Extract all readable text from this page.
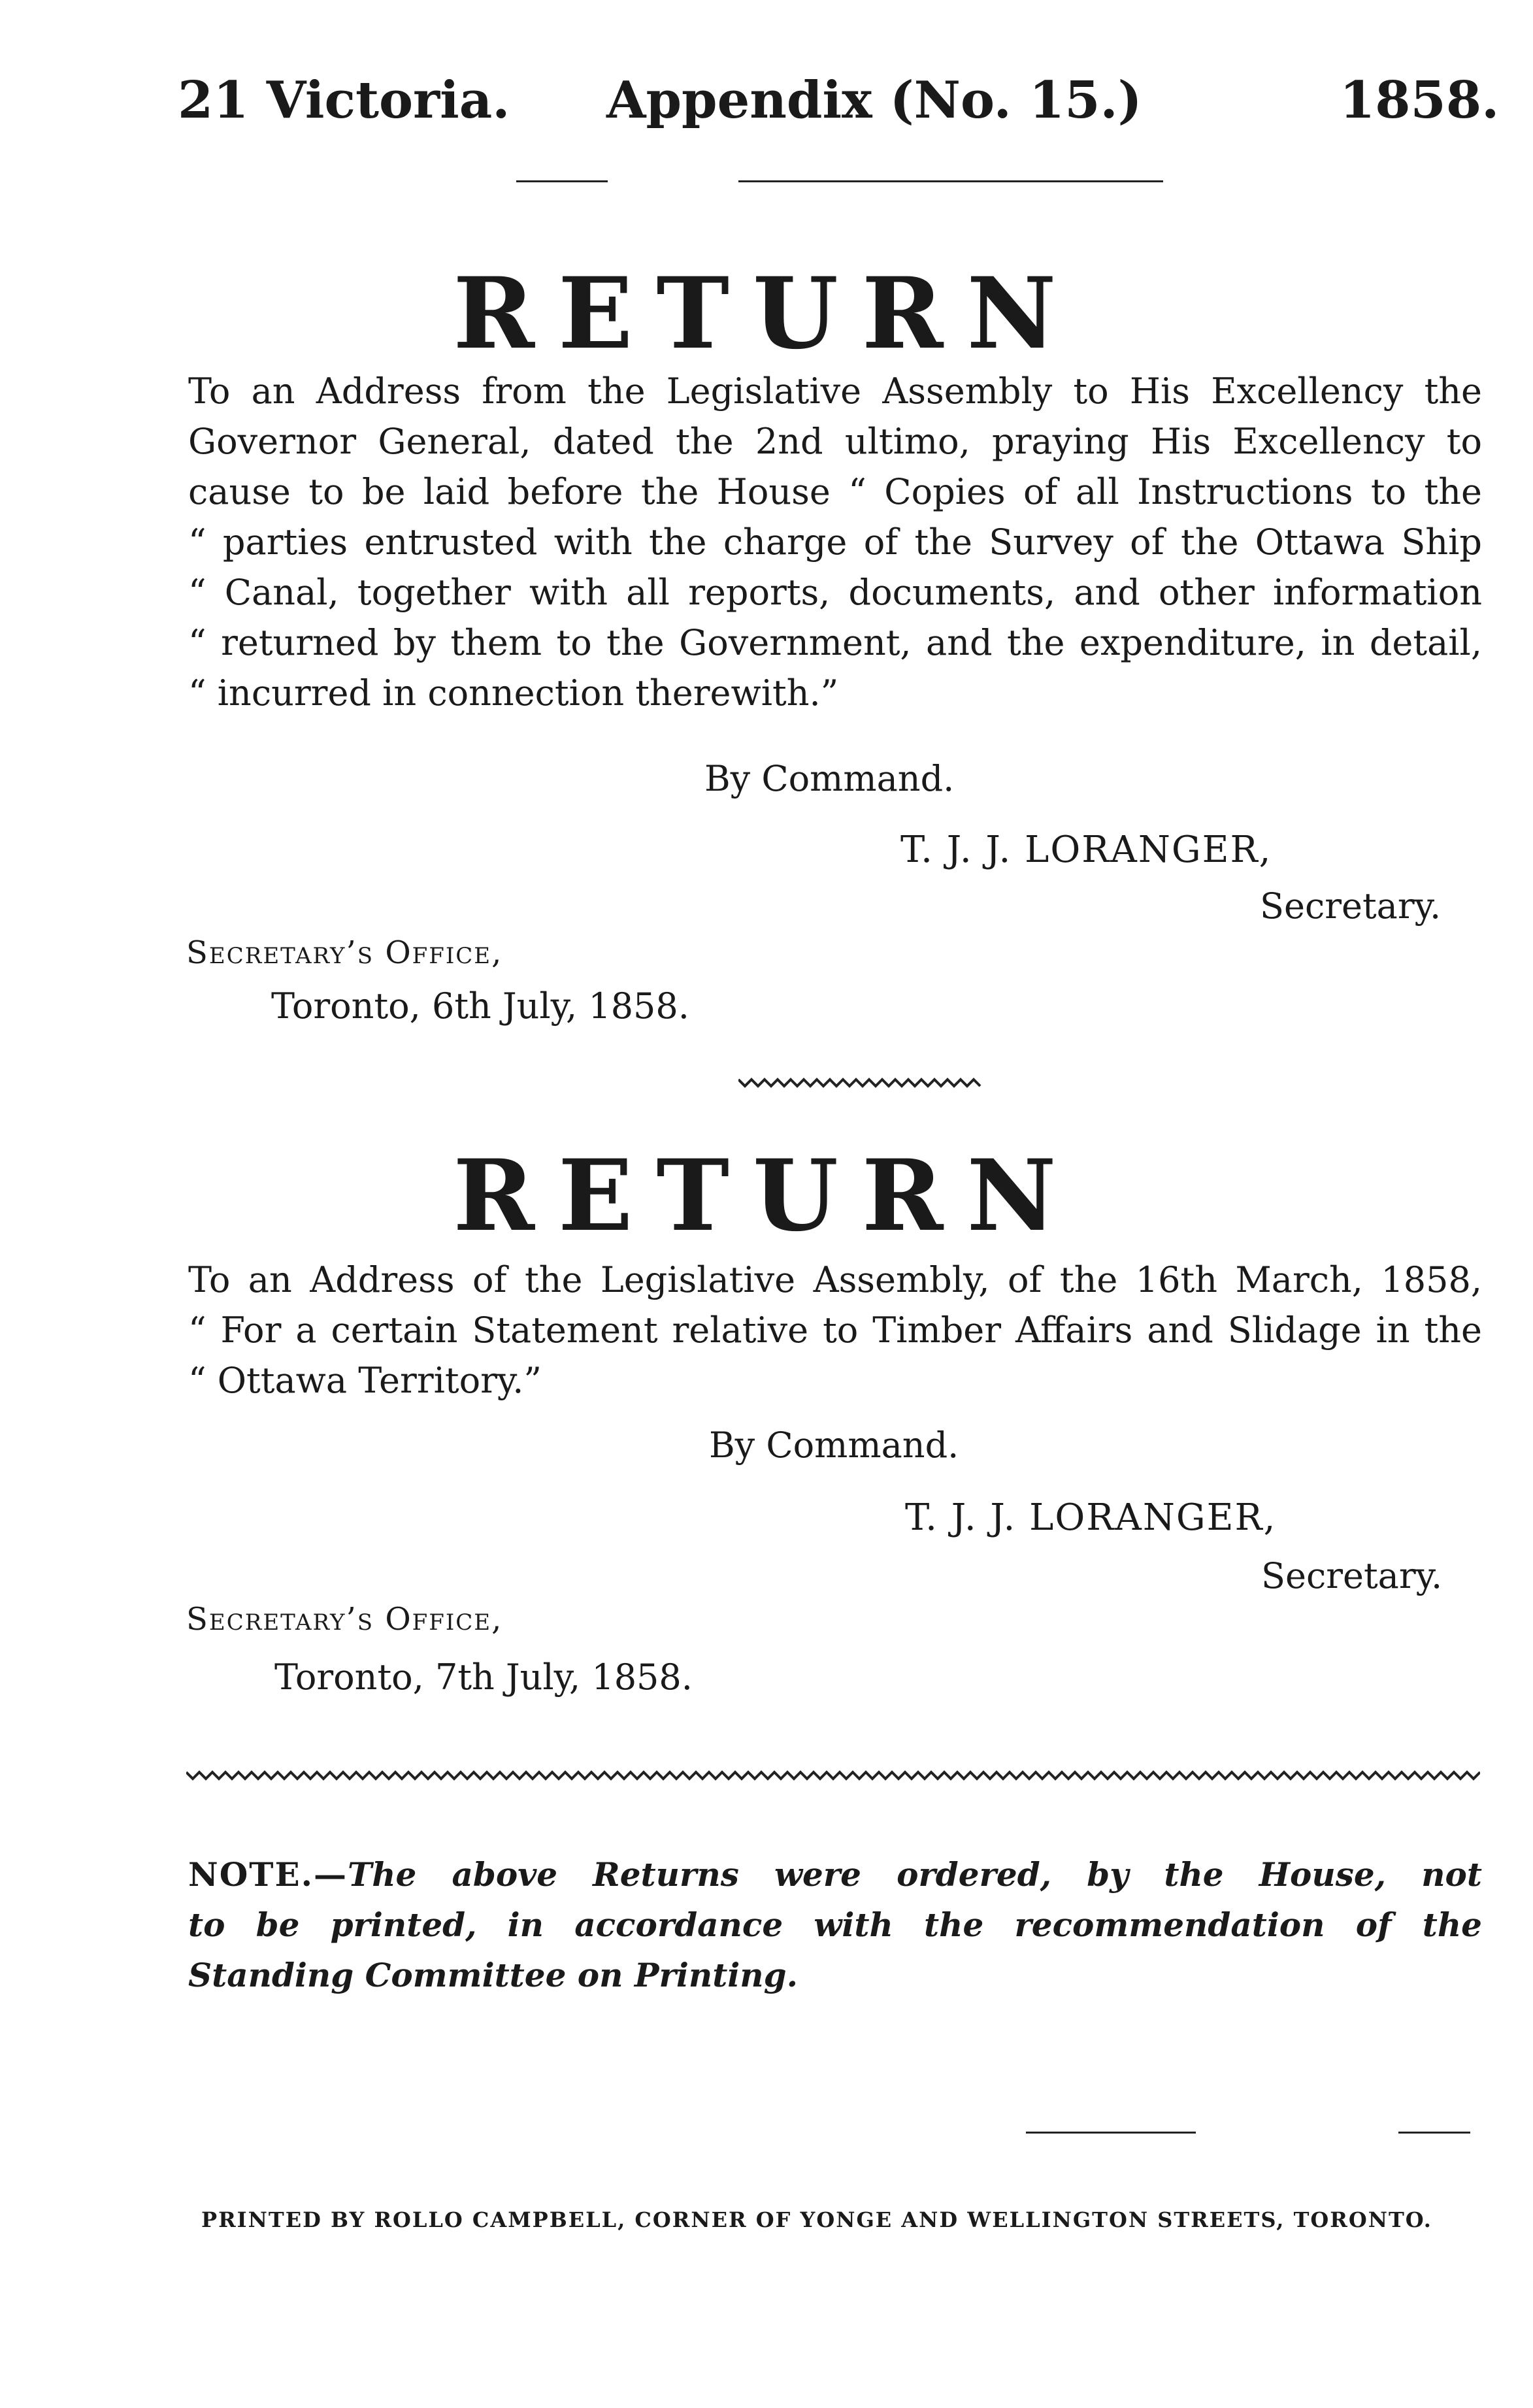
21 Victoria. Appendix (No. 15.)	1858.
RETURN
To an Address from the Legislative Assembly to His Excellency the
Governor General, dated the 2nd ultimo, praying His Excellency to
cause to be laid before the House “ Copies of all Instructions to the
“ parties entrusted with the charge of the Survey of the Ottawa Ship
“ Canal, together with all reports, documents, and other information
“ returned by them to the Government, and the expenditure, in detail,
“ incurred in connection therewith.”
By Command.
T. J. J. LORANGER,
Secretary.
Secretary’s Office,
Toronto, 6th July, 1858.
RETURN
To an Address of the Legislative Assembly, of the 16th March, 1858,
“ For a certain Statement relative to Timber Affairs and Slidage in the
“ Ottawa Territory.”
By Command.
T. J. J. LORANGER,
Secretary.
Secretary’s Office,
Toronto, 7th July, 1858.
NOTE.—The above Returns were ordered, by the House, not
to be printed, in accordance with the recommendation of the
Standing Committee on Printing.
PRINTED BY ROLLO CAMPBELL, CORNER OF YONGE AND WELLINGTON STREETS, TORONTO.
